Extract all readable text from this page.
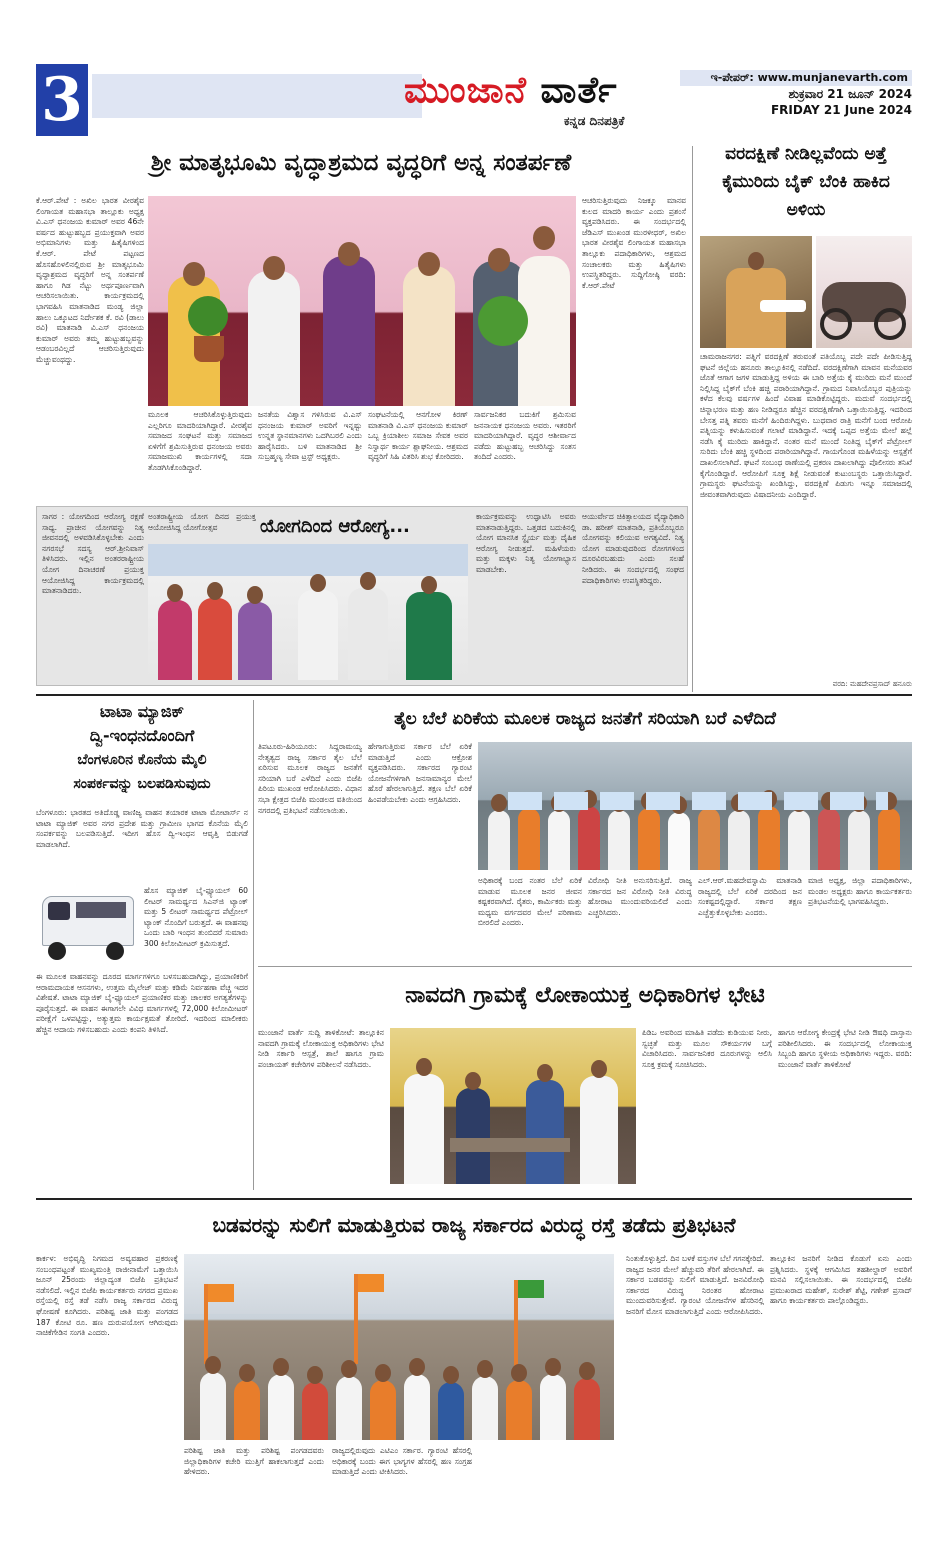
3	ಮುಂಜಾನೆ ವಾರ್ತೆ
ಕನ್ನಡ ದಿನಪತ್ರಿಕೆ
ಇ-ಪೇಪರ್: www.munjanevarth.com
ಶುಕ್ರವಾರ 21 ಜೂನ್ 2024
FRIDAY 21 June 2024
ಶ್ರೀ ಮಾತೃಭೂಮಿ ವೃದ್ಧಾಶ್ರಮದ ವೃದ್ಧರಿಗೆ ಅನ್ನ ಸಂತರ್ಪಣೆ
ಕೆ.ಆರ್.ಪೇಟೆ : ಅಖಿಲ ಭಾರತ ವೀರಶೈವ ಲಿಂಗಾಯತ ಮಹಾಸಭಾ ತಾಲ್ಲೂಕು ಅಧ್ಯಕ್ಷ ವಿ.ಎಸ್ ಧನಂಜಯ ಕುಮಾರ್ ಅವರ 46ನೇ ವರ್ಷದ ಹುಟ್ಟುಹಬ್ಬದ ಪ್ರಯುಕ್ತವಾಗಿ ಅವರ ಅಭಿಮಾನಿಗಳು ಮತ್ತು ಹಿತೈಷಿಗಳಿಂದ ಕೆ.ಆರ್. ಪೇಟೆ ಪಟ್ಟಣದ ಹೊಸಹೊಳಲಿನಲ್ಲಿರುವ ಶ್ರೀ ಮಾತೃಭೂಮಿ ವೃದ್ಧಾಶ್ರಮದ ವೃದ್ಧರಿಗೆ ಅನ್ನ ಸಂತರ್ಪಣೆ ಹಾಗೂ ಗಿಡ ನೆಟ್ಟು ಅರ್ಥಪೂರ್ಣವಾಗಿ ಆಚರಿಸಲಾಯಿತು. ಕಾರ್ಯಕ್ರಮದಲ್ಲಿ ಭಾಗವಹಿಸಿ ಮಾತನಾಡಿದ ಮಂಡ್ಯ ಜಿಲ್ಲಾ ಹಾಲು ಒಕ್ಕೂಟದ ನಿರ್ದೇಶಕ ಕೆ. ರವಿ (ಡಾಲು ರವಿ) ಮಾತನಾಡಿ ವಿ.ಎಸ್ ಧನಂಜಯ ಕುಮಾರ್ ಅವರು ತಮ್ಮ ಹುಟ್ಟುಹಬ್ಬವನ್ನು ಆಡಂಬರವಿಲ್ಲದೆ ಆಚರಿಸುತ್ತಿರುವುದು ಮೆಚ್ಚುವಂಥದ್ದು.
ಮೂಲಕ ಆಚರಿಸಿಕೊಳ್ಳುತ್ತಿರುವುದು ಎಲ್ಲರಿಗೂ ಮಾದರಿಯಾಗಿದ್ದಾರೆ. ವೀರಶೈವ ಸಮಾಜದ ಸಂಘಟನೆ ಮತ್ತು ಸಮಾಜದ ಏಳಿಗೆಗೆ ಶ್ರಮಿಸುತ್ತಿರುವ ಧನಂಜಯ ಅವರು ಸಮಾಜಮುಖಿ ಕಾರ್ಯಗಳಲ್ಲಿ ಸದಾ ತೊಡಗಿಸಿಕೊಂಡಿದ್ದಾರೆ.
ಜನತೆಯ ವಿಶ್ವಾಸ ಗಳಿಸಿರುವ ವಿ.ಎಸ್ ಧನಂಜಯ ಕುಮಾರ್ ಅವರಿಗೆ ಇನ್ನಷ್ಟು ಉನ್ನತ ಸ್ಥಾನಮಾನಗಳು ಒದಗಿಬರಲಿ ಎಂದು ಹಾರೈಸಿದರು. ಬಳಿ ಮಾತನಾಡಿದ ಶ್ರೀ ಸುಬ್ರಹ್ಮಣ್ಯ ಸೇವಾ ಟ್ರಸ್ಟ್ ಅಧ್ಯಕ್ಷರು.
ಸಂಘಟನೆಯಲ್ಲಿ ಆನಗೋಳ ಕಿರಣ್ ಮಾತನಾಡಿ ವಿ.ಎಸ್ ಧನಂಜಯ ಕುಮಾರ್ ಒಬ್ಬ ಕ್ರಿಯಾಶೀಲ ಸಮಾಜ ಸೇವಕ ಅವರ ನಿಸ್ವಾರ್ಥ ಕಾರ್ಯ ಶ್ಲಾಘನೀಯ. ಆಶ್ರಮದ ವೃದ್ಧರಿಗೆ ಸಿಹಿ ವಿತರಿಸಿ ಶುಭ ಕೋರಿದರು.
ಸಾರ್ವಜನಿಕರ ಬದುಕಿಗೆ ಶ್ರಮಿಸುವ ಜನನಾಯಕ ಧನಂಜಯ ಅವರು. ಇತರರಿಗೆ ಮಾದರಿಯಾಗಿದ್ದಾರೆ. ವೃದ್ಧರ ಆಶೀರ್ವಾದ ಪಡೆದು ಹುಟ್ಟುಹಬ್ಬ ಆಚರಿಸಿದ್ದು ಸಂತಸ ತಂದಿದೆ ಎಂದರು.
ಆಚರಿಸುತ್ತಿರುವುದು ನಿಜಕ್ಕೂ ಮಾನವ ಕುಲದ ಮಾದರಿ ಕಾರ್ಯ ಎಂದು ಪ್ರಶಂಸೆ ವ್ಯಕ್ತಪಡಿಸಿದರು. ಈ ಸಂದರ್ಭದಲ್ಲಿ ಜೆಡಿಎಸ್ ಮುಖಂಡ ಮುರಳೀಧರ್, ಅಖಿಲ ಭಾರತ ವೀರಶೈವ ಲಿಂಗಾಯತ ಮಹಾಸಭಾ ತಾಲ್ಲೂಕು ಪದಾಧಿಕಾರಿಗಳು, ಆಶ್ರಮದ ಸಂಚಾಲಕರು ಮತ್ತು ಹಿತೈಷಿಗಳು ಉಪಸ್ಥಿತರಿದ್ದರು. ಸುದ್ದಿಗೋಷ್ಠಿ ವರದಿ: ಕೆ.ಆರ್.ಪೇಟೆ
ವರದಕ್ಷಿಣೆ ನೀಡಿಲ್ಲವೆಂದು ಅತ್ತೆ ಕೈಮುರಿದು ಬೈಕ್ ಬೆಂಕಿ ಹಾಕಿದ ಅಳಿಯ
ಚಾಮರಾಜನಗರ: ಪತ್ನಿಗೆ ವರದಕ್ಷಿಣೆ ತರುವಂತೆ ಪತಿಯೊಬ್ಬ ಪದೇ ಪದೇ ಪೀಡಿಸುತ್ತಿದ್ದ ಘಟನೆ ಜಿಲ್ಲೆಯ ಹನೂರು ತಾಲ್ಲೂಕಿನಲ್ಲಿ ನಡೆದಿದೆ. ವರದಕ್ಷಿಣೆಗಾಗಿ ಮಾವನ ಮನೆಯವರ ಜೊತೆ ಆಗಾಗ ಜಗಳ ಮಾಡುತ್ತಿದ್ದ ಅಳಿಯ ಈ ಬಾರಿ ಅತ್ತೆಯ ಕೈ ಮುರಿದು ಮನೆ ಮುಂದೆ ನಿಲ್ಲಿಸಿದ್ದ ಬೈಕ್‌ಗೆ ಬೆಂಕಿ ಹಚ್ಚಿ ಪರಾರಿಯಾಗಿದ್ದಾನೆ. ಗ್ರಾಮದ ನಿವಾಸಿಯೊಬ್ಬರ ಪುತ್ರಿಯನ್ನು ಕಳೆದ ಕೆಲವು ವರ್ಷಗಳ ಹಿಂದೆ ವಿವಾಹ ಮಾಡಿಕೊಟ್ಟಿದ್ದರು. ಮದುವೆ ಸಂದರ್ಭದಲ್ಲಿ ಚಿನ್ನಾಭರಣ ಮತ್ತು ಹಣ ನೀಡಿದ್ದರೂ ಹೆಚ್ಚಿನ ವರದಕ್ಷಿಣೆಗಾಗಿ ಒತ್ತಾಯಿಸುತ್ತಿದ್ದ. ಇದರಿಂದ ಬೇಸತ್ತ ಪತ್ನಿ ತವರು ಮನೆಗೆ ಹಿಂದಿರುಗಿದ್ದಳು. ಬುಧವಾರ ರಾತ್ರಿ ಮನೆಗೆ ಬಂದ ಆರೋಪಿ ಪತ್ನಿಯನ್ನು ಕಳುಹಿಸುವಂತೆ ಗಲಾಟೆ ಮಾಡಿದ್ದಾನೆ. ಇದಕ್ಕೆ ಒಪ್ಪದ ಅತ್ತೆಯ ಮೇಲೆ ಹಲ್ಲೆ ನಡೆಸಿ ಕೈ ಮುರಿದು ಹಾಕಿದ್ದಾನೆ. ನಂತರ ಮನೆ ಮುಂದೆ ನಿಂತಿದ್ದ ಬೈಕ್‌ಗೆ ಪೆಟ್ರೋಲ್ ಸುರಿದು ಬೆಂಕಿ ಹಚ್ಚಿ ಸ್ಥಳದಿಂದ ಪರಾರಿಯಾಗಿದ್ದಾನೆ. ಗಾಯಗೊಂಡ ಮಹಿಳೆಯನ್ನು ಆಸ್ಪತ್ರೆಗೆ ದಾಖಲಿಸಲಾಗಿದೆ. ಘಟನೆ ಸಂಬಂಧ ಠಾಣೆಯಲ್ಲಿ ಪ್ರಕರಣ ದಾಖಲಾಗಿದ್ದು ಪೊಲೀಸರು ತನಿಖೆ ಕೈಗೊಂಡಿದ್ದಾರೆ. ಆರೋಪಿಗೆ ಸೂಕ್ತ ಶಿಕ್ಷೆ ನೀಡುವಂತೆ ಕುಟುಂಬಸ್ಥರು ಒತ್ತಾಯಿಸಿದ್ದಾರೆ. ಗ್ರಾಮಸ್ಥರು ಘಟನೆಯನ್ನು ಖಂಡಿಸಿದ್ದು, ವರದಕ್ಷಿಣೆ ಪಿಡುಗು ಇನ್ನೂ ಸಮಾಜದಲ್ಲಿ ಜೀವಂತವಾಗಿರುವುದು ವಿಷಾದನೀಯ ಎಂದಿದ್ದಾರೆ.
ವರದಿ: ಮಹದೇವಪ್ರಸಾದ್ ಹನೂರು
ಸಾಗರ : ಯೋಗದಿಂದ ಆರೋಗ್ಯ ರಕ್ಷಣೆ ಸಾಧ್ಯ. ಪ್ರಾಚೀನ ಯೋಗವನ್ನು ನಿತ್ಯ ಜೀವನದಲ್ಲಿ ಅಳವಡಿಸಿಕೊಳ್ಳಬೇಕು ಎಂದು ನಗರಸಭೆ ಸದಸ್ಯ ಆರ್.ಶ್ರೀನಿವಾಸ್ ತಿಳಿಸಿದರು. ಇಲ್ಲಿನ ಅಂತರರಾಷ್ಟ್ರೀಯ ಯೋಗ ದಿನಾಚರಣೆ ಪ್ರಯುಕ್ತ ಆಯೋಜಿಸಿದ್ದ ಕಾರ್ಯಕ್ರಮದಲ್ಲಿ ಮಾತನಾಡಿದರು.
ಅಂತರಾಷ್ಟ್ರೀಯ ಯೋಗ ದಿನದ ಪ್ರಯುಕ್ತ ಆಯೋಜಿಸಿದ್ದ ಯೋಗೋತ್ಸವ	ಯೋಗದಿಂದ ಆರೋಗ್ಯ...	ಕಾರ್ಯಕ್ರಮವನ್ನು ಉದ್ಘಾಟಿಸಿ ಅವರು ಮಾತನಾಡುತ್ತಿದ್ದರು. ಒತ್ತಡದ ಬದುಕಿನಲ್ಲಿ ಯೋಗ ಮಾನಸಿಕ ಸ್ಥೈರ್ಯ ಮತ್ತು ದೈಹಿಕ ಆರೋಗ್ಯ ನೀಡುತ್ತದೆ. ಮಹಿಳೆಯರು ಮತ್ತು ಮಕ್ಕಳು ನಿತ್ಯ ಯೋಗಾಭ್ಯಾಸ ಮಾಡಬೇಕು.
ಆಯುರ್ವೇದ ಚಿಕಿತ್ಸಾಲಯದ ವೈದ್ಯಾಧಿಕಾರಿ ಡಾ. ಹರೀಶ್ ಮಾತನಾಡಿ, ಪ್ರತಿಯೊಬ್ಬರೂ ಯೋಗವನ್ನು ಕಲಿಯುವ ಅಗತ್ಯವಿದೆ. ನಿತ್ಯ ಯೋಗ ಮಾಡುವುದರಿಂದ ರೋಗಗಳಿಂದ ದೂರವಿರಬಹುದು ಎಂದು ಸಲಹೆ ನೀಡಿದರು. ಈ ಸಂದರ್ಭದಲ್ಲಿ ಸಂಘದ ಪದಾಧಿಕಾರಿಗಳು ಉಪಸ್ಥಿತರಿದ್ದರು.
ಟಾಟಾ ಮ್ಯಾಜಿಕ್
ದ್ವಿ-ಇಂಧನದೊಂದಿಗೆ
ಬೆಂಗಳೂರಿನ ಕೊನೆಯ ಮೈಲಿ
ಸಂಪರ್ಕವನ್ನು ಬಲಪಡಿಸುವುದು
ಬೆಂಗಳೂರು: ಭಾರತದ ಅತಿದೊಡ್ಡ ವಾಣಿಜ್ಯ ವಾಹನ ತಯಾರಕ ಟಾಟಾ ಮೋಟಾರ್ಸ್ ನ ಟಾಟಾ ಮ್ಯಾಜಿಕ್ ಅವರ ನಗರ ಪ್ರದೇಶ ಮತ್ತು ಗ್ರಾಮೀಣ ಭಾಗದ ಕೊನೆಯ ಮೈಲಿ ಸಂಪರ್ಕವನ್ನು ಬಲಪಡಿಸುತ್ತಿದೆ. ಇದೀಗ ಹೊಸ ದ್ವಿ-ಇಂಧನ ಆವೃತ್ತಿ ಬಿಡುಗಡೆ ಮಾಡಲಾಗಿದೆ.
ಹೊಸ ಮ್ಯಾಜಿಕ್ ಬೈ-ಫ್ಯೂಯಲ್ 60 ಲೀಟರ್ ಸಾಮರ್ಥ್ಯದ ಸಿಎನ್‌ಜಿ ಟ್ಯಾಂಕ್ ಮತ್ತು 5 ಲೀಟರ್ ಸಾಮರ್ಥ್ಯದ ಪೆಟ್ರೋಲ್ ಟ್ಯಾಂಕ್ ನೊಂದಿಗೆ ಬರುತ್ತದೆ. ಈ ವಾಹನವು ಒಂದು ಬಾರಿ ಇಂಧನ ತುಂಬಿದರೆ ಸುಮಾರು 300 ಕಿಲೋಮೀಟರ್ ಕ್ರಮಿಸುತ್ತದೆ.
ಈ ಮೂಲಕ ವಾಹನವನ್ನು ದೂರದ ಮಾರ್ಗಗಳಿಗೂ ಬಳಸಬಹುದಾಗಿದ್ದು, ಪ್ರಯಾಣಿಕರಿಗೆ ಆರಾಮದಾಯಕ ಆಸನಗಳು, ಉತ್ತಮ ಮೈಲೇಜ್ ಮತ್ತು ಕಡಿಮೆ ನಿರ್ವಹಣಾ ವೆಚ್ಚ ಇದರ ವಿಶೇಷತೆ. ಟಾಟಾ ಮ್ಯಾಜಿಕ್ ಬೈ-ಫ್ಯೂಯಲ್ ಪ್ರಯಾಣಿಕರ ಮತ್ತು ಚಾಲಕರ ಅಗತ್ಯತೆಗಳನ್ನು ಪೂರೈಸುತ್ತದೆ. ಈ ವಾಹನ ಈಗಾಗಲೇ ವಿವಿಧ ಮಾರ್ಗಗಳಲ್ಲಿ 72,000 ಕಿಲೋಮೀಟರ್ ಪರೀಕ್ಷೆಗೆ ಒಳಪಟ್ಟಿದ್ದು, ಅತ್ಯುತ್ತಮ ಕಾರ್ಯಕ್ಷಮತೆ ತೋರಿದೆ. ಇದರಿಂದ ಮಾಲೀಕರು ಹೆಚ್ಚಿನ ಆದಾಯ ಗಳಿಸಬಹುದು ಎಂದು ಕಂಪನಿ ತಿಳಿಸಿದೆ.
ತೈಲ ಬೆಲೆ ಏರಿಕೆಯ ಮೂಲಕ ರಾಜ್ಯದ ಜನತೆಗೆ ಸರಿಯಾಗಿ ಬರೆ ಎಳೆದಿದೆ
ತಿಪಟೂರು-ಹಿರಿಯೂರು: ಸಿದ್ದರಾಮಯ್ಯ ನೇತೃತ್ವದ ರಾಜ್ಯ ಸರ್ಕಾರ ತೈಲ ಬೆಲೆ ಏರಿಸುವ ಮೂಲಕ ರಾಜ್ಯದ ಜನತೆಗೆ ಸರಿಯಾಗಿ ಬರೆ ಎಳೆದಿದೆ ಎಂದು ಬಿಜೆಪಿ ಪಿರಿಯ ಮುಖಂಡ ಆರೋಪಿಸಿದರು. ವಿಧಾನ ಸಭಾ ಕ್ಷೇತ್ರದ ಬಿಜೆಪಿ ಮಂಡಲದ ವತಿಯಿಂದ ನಗರದಲ್ಲಿ ಪ್ರತಿಭಟನೆ ನಡೆಸಲಾಯಿತು.
ಹೇಗಾಗುತ್ತಿರುವ ಸರ್ಕಾರ ಬೆಲೆ ಏರಿಕೆ ಮಾಡುತ್ತಿದೆ ಎಂದು ಆಕ್ರೋಶ ವ್ಯಕ್ತಪಡಿಸಿದರು. ಸರ್ಕಾರದ ಗ್ಯಾರಂಟಿ ಯೋಜನೆಗಳಿಗಾಗಿ ಜನಸಾಮಾನ್ಯರ ಮೇಲೆ ಹೊರೆ ಹೇರಲಾಗುತ್ತಿದೆ. ತಕ್ಷಣ ಬೆಲೆ ಏರಿಕೆ ಹಿಂಪಡೆಯಬೇಕು ಎಂದು ಆಗ್ರಹಿಸಿದರು.
ಅಧಿಕಾರಕ್ಕೆ ಬಂದ ನಂತರ ಬೆಲೆ ಏರಿಕೆ ಮಾಡುವ ಮೂಲಕ ಜನರ ಜೀವನ ಕಷ್ಟಕರವಾಗಿದೆ. ರೈತರು, ಕಾರ್ಮಿಕರು ಮತ್ತು ಮಧ್ಯಮ ವರ್ಗದವರ ಮೇಲೆ ಪರಿಣಾಮ ಬೀರಲಿದೆ ಎಂದರು.
ವಿರೋಧಿ ನೀತಿ ಅನುಸರಿಸುತ್ತಿದೆ. ರಾಜ್ಯ ಸರ್ಕಾರದ ಜನ ವಿರೋಧಿ ನೀತಿ ವಿರುದ್ಧ ಹೋರಾಟ ಮುಂದುವರಿಯಲಿದೆ ಎಂದು ಎಚ್ಚರಿಸಿದರು.
ಎಲ್.ಆರ್.ಮಹದೇವಸ್ವಾಮಿ ಮಾತನಾಡಿ ರಾಜ್ಯದಲ್ಲಿ ಬೆಲೆ ಏರಿಕೆ ದರದಿಂದ ಜನ ಸಂಕಷ್ಟದಲ್ಲಿದ್ದಾರೆ. ಸರ್ಕಾರ ತಕ್ಷಣ ಎಚ್ಚೆತ್ತುಕೊಳ್ಳಬೇಕು ಎಂದರು.
ಮಾಜಿ ಅಧ್ಯಕ್ಷ, ಜಿಲ್ಲಾ ಪದಾಧಿಕಾರಿಗಳು, ಮಂಡಲ ಅಧ್ಯಕ್ಷರು ಹಾಗೂ ಕಾರ್ಯಕರ್ತರು ಪ್ರತಿಭಟನೆಯಲ್ಲಿ ಭಾಗವಹಿಸಿದ್ದರು.
ನಾವದಗಿ ಗ್ರಾಮಕ್ಕೆ ಲೋಕಾಯುಕ್ತ ಅಧಿಕಾರಿಗಳ ಭೇಟಿ
ಮುಂಜಾನೆ ವಾರ್ತೆ ಸುದ್ದಿ ತಾಳಿಕೋಟೆ: ತಾಲ್ಲೂಕಿನ ನಾವದಗಿ ಗ್ರಾಮಕ್ಕೆ ಲೋಕಾಯುಕ್ತ ಅಧಿಕಾರಿಗಳು ಭೇಟಿ ನೀಡಿ ಸರ್ಕಾರಿ ಆಸ್ಪತ್ರೆ, ಶಾಲೆ ಹಾಗೂ ಗ್ರಾಮ ಪಂಚಾಯತ್ ಕಚೇರಿಗಳ ಪರಿಶೀಲನೆ ನಡೆಸಿದರು.
ಪಿಡಿಒ ಅವರಿಂದ ಮಾಹಿತಿ ಪಡೆದು ಕುಡಿಯುವ ನೀರು, ಸ್ವಚ್ಛತೆ ಮತ್ತು ಮೂಲ ಸೌಕರ್ಯಗಳ ಬಗ್ಗೆ ವಿಚಾರಿಸಿದರು. ಸಾರ್ವಜನಿಕರ ದೂರುಗಳನ್ನು ಆಲಿಸಿ ಸೂಕ್ತ ಕ್ರಮಕ್ಕೆ ಸೂಚಿಸಿದರು.
ಹಾಗೂ ಆರೋಗ್ಯ ಕೇಂದ್ರಕ್ಕೆ ಭೇಟಿ ನೀಡಿ ಔಷಧಿ ದಾಸ್ತಾನು ಪರಿಶೀಲಿಸಿದರು. ಈ ಸಂದರ್ಭದಲ್ಲಿ ಲೋಕಾಯುಕ್ತ ಸಿಬ್ಬಂದಿ ಹಾಗೂ ಸ್ಥಳೀಯ ಅಧಿಕಾರಿಗಳು ಇದ್ದರು. ವರದಿ: ಮುಂಜಾನೆ ವಾರ್ತೆ ತಾಳಿಕೋಟೆ
ಬಡವರನ್ನು ಸುಲಿಗೆ ಮಾಡುತ್ತಿರುವ ರಾಜ್ಯ ಸರ್ಕಾರದ ವಿರುದ್ಧ ರಸ್ತೆ ತಡೆದು ಪ್ರತಿಭಟನೆ
ಕಾರ್ಕಳ: ಅಭಿವೃದ್ಧಿ ನಿಗಮದ ಅವ್ಯವಹಾರ ಪ್ರಕರಣಕ್ಕೆ ಸಂಬಂಧಪಟ್ಟಂತೆ ಮುಖ್ಯಮಂತ್ರಿ ರಾಜೀನಾಮೆಗೆ ಒತ್ತಾಯಿಸಿ ಜೂನ್ 25ರಂದು ಜಿಲ್ಲಾದ್ಯಂತ ಬಿಜೆಪಿ ಪ್ರತಿಭಟನೆ ನಡೆಸಲಿದೆ. ಇಲ್ಲಿನ ಬಿಜೆಪಿ ಕಾರ್ಯಕರ್ತರು ನಗರದ ಪ್ರಮುಖ ರಸ್ತೆಯಲ್ಲಿ ರಸ್ತೆ ತಡೆ ನಡೆಸಿ ರಾಜ್ಯ ಸರ್ಕಾರದ ವಿರುದ್ಧ ಘೋಷಣೆ ಕೂಗಿದರು. ಪರಿಶಿಷ್ಟ ಜಾತಿ ಮತ್ತು ಪಂಗಡದ 187 ಕೋಟಿ ರೂ. ಹಣ ದುರುಪಯೋಗ ಆಗಿರುವುದು ನಾಚಿಕೆಗೇಡಿನ ಸಂಗತಿ ಎಂದರು.
ಪರಿಶಿಷ್ಟ ಜಾತಿ ಮತ್ತು ಪರಿಶಿಷ್ಟ ಪಂಗಡದವರು ಜಿಲ್ಲಾಧಿಕಾರಿಗಳ ಕಚೇರಿ ಮುತ್ತಿಗೆ ಹಾಕಲಾಗುತ್ತದೆ ಎಂದು ಹೇಳಿದರು.
ರಾಜ್ಯದಲ್ಲಿರುವುದು ಎಟಿಎಂ ಸರ್ಕಾರ. ಗ್ಯಾರಂಟಿ ಹೆಸರಲ್ಲಿ ಅಧಿಕಾರಕ್ಕೆ ಬಂದು ಈಗ ಭಾಗ್ಯಗಳ ಹೆಸರಲ್ಲಿ ಹಣ ಸಂಗ್ರಹ ಮಾಡುತ್ತಿದೆ ಎಂದು ಟೀಕಿಸಿದರು.
ನಿಂತುಕೊಳ್ಳುತ್ತಿದೆ. ದಿನ ಬಳಕೆ ವಸ್ತುಗಳ ಬೆಲೆ ಗಗನಕ್ಕೇರಿದೆ. ರಾಜ್ಯದ ಜನರ ಮೇಲೆ ಹೆಚ್ಚುವರಿ ತೆರಿಗೆ ಹೇರಲಾಗಿದೆ. ಈ ಸರ್ಕಾರ ಬಡವರನ್ನು ಸುಲಿಗೆ ಮಾಡುತ್ತಿದೆ. ಜನವಿರೋಧಿ ಸರ್ಕಾರದ ವಿರುದ್ಧ ನಿರಂತರ ಹೋರಾಟ ಮುಂದುವರಿಸುತ್ತೇವೆ. ಗ್ಯಾರಂಟಿ ಯೋಜನೆಗಳ ಹೆಸರಿನಲ್ಲಿ ಜನರಿಗೆ ಮೋಸ ಮಾಡಲಾಗುತ್ತಿದೆ ಎಂದು ಆರೋಪಿಸಿದರು.
ತಾಲ್ಲೂಕಿನ ಜನರಿಗೆ ನೀಡಿದ ಕೊಡುಗೆ ಏನು ಎಂದು ಪ್ರಶ್ನಿಸಿದರು. ಸ್ಥಳಕ್ಕೆ ಆಗಮಿಸಿದ ತಹಶೀಲ್ದಾರ್ ಅವರಿಗೆ ಮನವಿ ಸಲ್ಲಿಸಲಾಯಿತು. ಈ ಸಂದರ್ಭದಲ್ಲಿ ಬಿಜೆಪಿ ಪ್ರಮುಖರಾದ ಮಹೇಶ್, ಸುರೇಶ್ ಶೆಟ್ಟಿ, ಗಣೇಶ್ ಪ್ರಸಾದ್ ಹಾಗೂ ಕಾರ್ಯಕರ್ತರು ಪಾಲ್ಗೊಂಡಿದ್ದರು.
